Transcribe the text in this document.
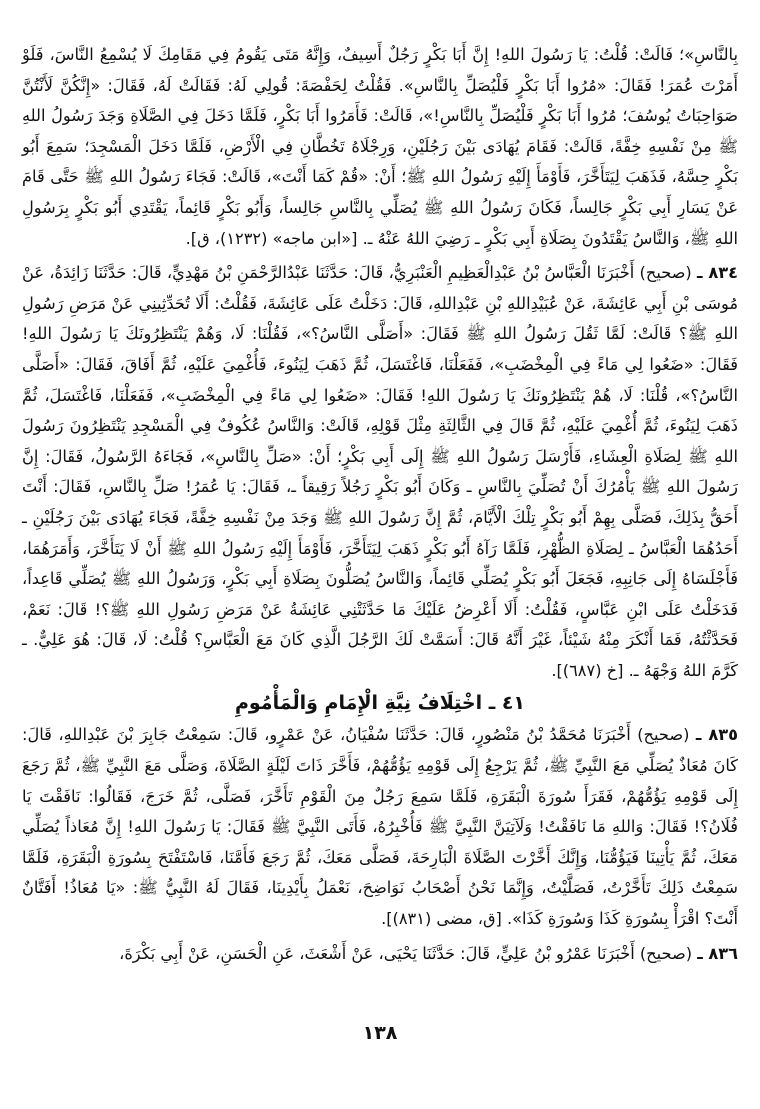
بِالنَّاسِ»؛ فَالَتْ: قُلْتُ: يَا رَسُولَ اللهِ! إِنَّ أَبَا بَكْرٍ رَجُلٌ أَسِيفٌ، وَإِنَّهُ مَتَى يَقُومُ فِي مَقَامِكَ لَا يُسْمِعُ النَّاسَ، فَلَوْ أَمَرْتَ عُمَرَ! فَقَالَ: «مُرُوا أَبَا بَكْرٍ فَلْيُصَلِّ بِالنَّاسِ». فَقُلْتُ لِحَفْصَةَ: قُولِي لَهُ: فَقَالَتْ لَهُ، فَقَالَ: «إِنَّكُنَّ لَأَنْتُنَّ صَوَاحِبَاتُ يُوسُفَ؛ مُرُوا أَبَا بَكْرٍ فَلْيُصَلِّ بِالنَّاسِ!»، قَالَتْ: فَأَمَرُوا أَبَا بَكْرٍ، فَلَمَّا دَخَلَ فِي الصَّلَاةِ وَجَدَ رَسُولُ اللهِ ﷺ مِنْ نَفْسِهِ خِفَّةً، قَالَتْ: فَقَامَ يُهَادَى بَيْنَ رَجُلَيْنِ، وَرِجْلَاهُ تَخُطَّانِ فِي الْأَرْضِ، فَلَمَّا دَخَلَ الْمَسْجِدَ؛ سَمِعَ أَبُو بَكْرٍ حِسَّهُ، فَذَهَبَ لِيَتَأَخَّرَ، فَأَوْمَأَ إِلَيْهِ رَسُولُ اللهِ ﷺ؛ أَنْ: «قُمْ كَمَا أَنْتَ»، قَالَتْ: فَجَاءَ رَسُولُ اللهِ ﷺ حَتَّى قَامَ عَنْ يَسَارِ أَبِي بَكْرٍ جَالِساً، فَكَانَ رَسُولُ اللهِ ﷺ يُصَلِّي بِالنَّاسِ جَالِساً، وَأَبُو بَكْرٍ قَائِماً، يَقْتَدِي أَبُو بَكْرٍ بِرَسُولِ اللهِ ﷺ، وَالنَّاسُ يَقْتَدُونَ بِصَلَاةِ أَبِي بَكْرٍ ـ رَضِيَ اللهُ عَنْهُ ـ. [«ابن ماجه» (١٢٣٢)، ق].

٨٣٤ ـ (صحيح) أَخْبَرَنَا الْعَبَّاسُ بْنُ عَبْدِالْعَظِيمِ الْعَنْبَرِيُّ، قَالَ: حَدَّثَنَا عَبْدُالرَّحْمَنِ بْنُ مَهْدِيٍّ، قَالَ: حَدَّثَنَا زَائِدَةُ، عَنْ مُوسَى بْنِ أَبِي عَائِشَةَ، عَنْ عُبَيْدِاللهِ بْنِ عَبْدِاللهِ، قَالَ: دَخَلْتُ عَلَى عَائِشَةَ، فَقُلْتُ: أَلَا تُحَدِّثِينِي عَنْ مَرَضِ رَسُولِ اللهِ ﷺ؟ قَالَتْ: لَمَّا ثَقُلَ رَسُولُ اللهِ ﷺ فَقَالَ: «أَصَلَّى النَّاسُ؟»، فَقُلْنَا: لَا، وَهُمْ يَنْتَظِرُونَكَ يَا رَسُولَ اللهِ! فَقَالَ: «ضَعُوا لِي مَاءً فِي الْمِخْضَبِ»، فَفَعَلْنَا، فَاغْتَسَلَ، ثُمَّ ذَهَبَ لِيَنُوءَ، فَأُغْمِيَ عَلَيْهِ، ثُمَّ أَفَاقَ، فَقَالَ: «أَصَلَّى النَّاسُ؟»، قُلْنَا: لَا، هُمْ يَنْتَظِرُونَكَ يَا رَسُولَ اللهِ! فَقَالَ: «ضَعُوا لِي مَاءً فِي الْمِخْضَبِ»، فَفَعَلْنَا، فَاغْتَسَلَ، ثُمَّ ذَهَبَ لِيَنُوءَ، ثُمَّ أُغْمِيَ عَلَيْهِ، ثُمَّ قَالَ فِي الثَّالِثَةِ مِثْلَ قَوْلِهِ، قَالَتْ: وَالنَّاسُ عُكُوفٌ فِي الْمَسْجِدِ يَنْتَظِرُونَ رَسُولَ اللهِ ﷺ لِصَلَاةِ الْعِشَاءِ، فَأَرْسَلَ رَسُولُ اللهِ ﷺ إِلَى أَبِي بَكْرٍ؛ أَنْ: «صَلِّ بِالنَّاسِ»، فَجَاءَهُ الرَّسُولُ، فَقَالَ: إِنَّ رَسُولَ اللهِ ﷺ يَأْمُرُكَ أَنْ تُصَلِّيَ بِالنَّاسِ ـ وَكَانَ أَبُو بَكْرٍ رَجُلاً رَقِيقاً ـ، فَقَالَ: يَا عُمَرُ! صَلِّ بِالنَّاسِ، فَقَالَ: أَنْتَ أَحَقُّ بِذَلِكَ، فَصَلَّى بِهِمْ أَبُو بَكْرٍ تِلْكَ الْأَيَّامَ، ثُمَّ إِنَّ رَسُولَ اللهِ ﷺ وَجَدَ مِنْ نَفْسِهِ خِفَّةً، فَجَاءَ يُهَادَى بَيْنَ رَجُلَيْنِ ـ أَحَدُهُمَا الْعَبَّاسُ ـ لِصَلَاةِ الظُّهْرِ، فَلَمَّا رَآهُ أَبُو بَكْرٍ ذَهَبَ لِيَتَأَخَّرَ، فَأَوْمَأَ إِلَيْهِ رَسُولُ اللهِ ﷺ أَنْ لَا يَتَأَخَّرَ، وَأَمَرَهُمَا، فَأَجْلَسَاهُ إِلَى جَانِبِهِ، فَجَعَلَ أَبُو بَكْرٍ يُصَلِّي قَائِماً، وَالنَّاسُ يُصَلُّونَ بِصَلَاةِ أَبِي بَكْرٍ، وَرَسُولُ اللهِ ﷺ يُصَلِّي قَاعِداً، فَدَخَلْتُ عَلَى ابْنِ عَبَّاسٍ، فَقُلْتُ: أَلَا أَعْرِضُ عَلَيْكَ مَا حَدَّثَتْنِي عَائِشَةُ عَنْ مَرَضِ رَسُولِ اللهِ ﷺ؟! قَالَ: نَعَمْ، فَحَدَّثْتُهُ، فَمَا أَنْكَرَ مِنْهُ شَيْئاً، غَيْرَ أَنَّهُ قَالَ: أَسَمَّتْ لَكَ الرَّجُلَ الَّذِي كَانَ مَعَ الْعَبَّاسِ؟ قُلْتُ: لَا، قَالَ: هُوَ عَلِيٌّ. ـ كَرَّمَ اللهُ وَجْهَهُ ـ. [خ (٦٨٧)].

٤١ ـ اخْتِلَافُ نِيَّةِ الْإِمَامِ وَالْمَأْمُومِ

٨٣٥ ـ (صحيح) أَخْبَرَنَا مُحَمَّدُ بْنُ مَنْصُورٍ، قَالَ: حَدَّثَنَا سُفْيَانُ، عَنْ عَمْرٍو، قَالَ: سَمِعْتُ جَابِرَ بْنَ عَبْدِاللهِ، قَالَ: كَانَ مُعَاذٌ يُصَلِّي مَعَ النَّبِيِّ ﷺ، ثُمَّ يَرْجِعُ إِلَى قَوْمِهِ يَؤُمُّهُمْ، فَأَخَّرَ ذَاتَ لَيْلَةٍ الصَّلَاةَ، وَصَلَّى مَعَ النَّبِيِّ ﷺ، ثُمَّ رَجَعَ إِلَى قَوْمِهِ يَؤُمُّهُمْ، فَقَرَأَ سُورَةَ الْبَقَرَةِ، فَلَمَّا سَمِعَ رَجُلٌ مِنَ الْقَوْمِ تَأَخَّرَ، فَصَلَّى، ثُمَّ خَرَجَ، فَقَالُوا: نَافَقْتَ يَا فُلَانُ؟! فَقَالَ: وَاللهِ مَا نَافَقْتُ! وَلَآتِيَنَّ النَّبِيَّ ﷺ فَأُخْبِرُهُ، فَأَتَى النَّبِيَّ ﷺ فَقَالَ: يَا رَسُولَ اللهِ! إِنَّ مُعَاذاً يُصَلِّي مَعَكَ، ثُمَّ يَأْتِينَا فَيَؤُمُّنَا، وَإِنَّكَ أَخَّرْتَ الصَّلَاةَ الْبَارِحَةَ، فَصَلَّى مَعَكَ، ثُمَّ رَجَعَ فَأَمَّنَا، فَاسْتَفْتَحَ بِسُورَةِ الْبَقَرَةِ، فَلَمَّا سَمِعْتُ ذَلِكَ تَأَخَّرْتُ، فَصَلَّيْتُ، وَإِنَّمَا نَحْنُ أَصْحَابُ نَوَاضِحَ، نَعْمَلُ بِأَيْدِينَا، فَقَالَ لَهُ النَّبِيُّ ﷺ: «يَا مُعَاذُ! أَفَتَّانٌ أَنْتَ؟ اقْرَأْ بِسُورَةِ كَذَا وَسُورَةِ كَذَا». [ق، مضى (٨٣١)].

٨٣٦ ـ (صحيح) أَخْبَرَنَا عَمْرُو بْنُ عَلِيٍّ، قَالَ: حَدَّثَنَا يَحْيَى، عَنْ أَشْعَثَ، عَنِ الْحَسَنِ، عَنْ أَبِي بَكْرَةَ،

١٣٨
